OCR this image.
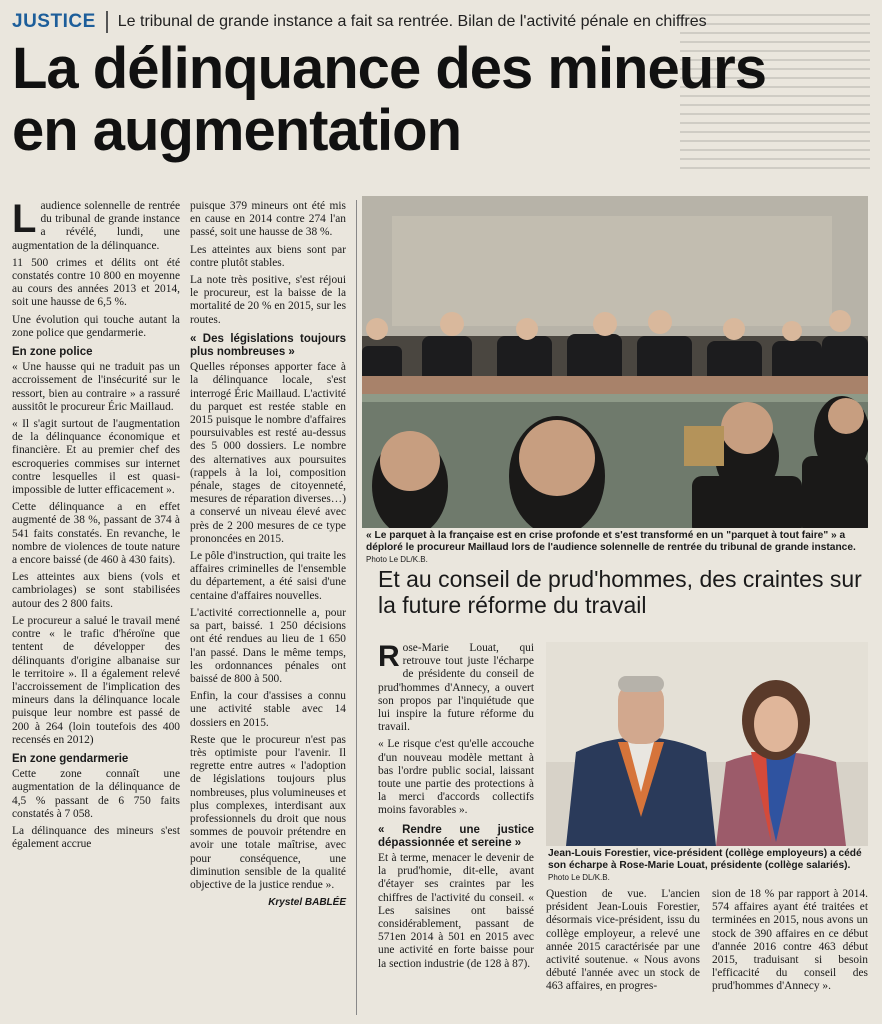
JUSTICE	Le tribunal de grande instance a fait sa rentrée. Bilan de l'activité pénale en chiffres
La délinquance des mineurs en augmentation

Laudience solennelle de rentrée du tribunal de grande instance a révélé, lundi, une augmentation de la délinquance.

11 500 crimes et délits ont été constatés contre 10 800 en moyenne au cours des années 2013 et 2014, soit une hausse de 6,5 %.

Une évolution qui touche autant la zone police que gendarmerie.

En zone police

« Une hausse qui ne traduit pas un accroissement de l'insécurité sur le ressort, bien au contraire » a rassuré aussitôt le procureur Éric Maillaud.

« Il s'agit surtout de l'augmentation de la délinquance économique et financière. Et au premier chef des escroqueries commises sur internet contre lesquelles il est quasi-impossible de lutter efficacement ».

Cette délinquance a en effet augmenté de 38 %, passant de 374 à 541 faits constatés. En revanche, le nombre de violences de toute nature a encore baissé (de 460 à 430 faits).

Les atteintes aux biens (vols et cambriolages) se sont stabilisées autour des 2 800 faits.

Le procureur a salué le travail mené contre « le trafic d'héroïne que tentent de développer des délinquants d'origine albanaise sur le territoire ». Il a également relevé l'accroissement de l'implication des mineurs dans la délinquance locale puisque leur nombre est passé de 200 à 264 (loin toutefois des 400 recensés en 2012)

En zone gendarmerie

Cette zone connaît une augmentation de la délinquance de 4,5 % passant de 6 750 faits constatés à 7 058.

La délinquance des mineurs s'est également accrue

puisque 379 mineurs ont été mis en cause en 2014 contre 274 l'an passé, soit une hausse de 38 %.

Les atteintes aux biens sont par contre plutôt stables.

La note très positive, s'est réjoui le procureur, est la baisse de la mortalité de 20 % en 2015, sur les routes.

« Des législations toujours plus nombreuses »

Quelles réponses apporter face à la délinquance locale, s'est interrogé Éric Maillaud. L'activité du parquet est restée stable en 2015 puisque le nombre d'affaires poursuivables est resté au-dessus des 5 000 dossiers. Le nombre des alternatives aux poursuites (rappels à la loi, composition pénale, stages de citoyenneté, mesures de réparation diverses…) a conservé un niveau élevé avec près de 2 200 mesures de ce type prononcées en 2015.

Le pôle d'instruction, qui traite les affaires criminelles de l'ensemble du département, a été saisi d'une centaine d'affaires nouvelles.

L'activité correctionnelle a, pour sa part, baissé. 1 250 décisions ont été rendues au lieu de 1 650 l'an passé. Dans le même temps, les ordonnances pénales ont baissé de 800 à 500.

Enfin, la cour d'assises a connu une activité stable avec 14 dossiers en 2015.

Reste que le procureur n'est pas très optimiste pour l'avenir. Il regrette entre autres « l'adoption de législations toujours plus nombreuses, plus volumineuses et plus complexes, interdisant aux professionnels du droit que nous sommes de pouvoir prétendre en avoir une totale maîtrise, avec pour conséquence, une diminution sensible de la qualité objective de la justice rendue ».

Krystel BABLÉE
« Le parquet à la française est en crise profonde et s'est transformé en un "parquet à tout faire" » a déploré le procureur Maillaud lors de l'audience solennelle de rentrée du tribunal de grande instance. Photo Le DL/K.B.
Et au conseil de prud'hommes, des craintes sur la future réforme du travail

Rose-Marie Louat, qui retrouve tout juste l'écharpe de présidente du conseil de prud'hommes d'Annecy, a ouvert son propos par l'inquiétude que lui inspire la future réforme du travail.

« Le risque c'est qu'elle accouche d'un nouveau modèle mettant à bas l'ordre public social, laissant toute une partie des protections à la merci d'accords collectifs moins favorables ».

« Rendre une justice dépassionnée et sereine »

Et à terme, menacer le devenir de la prud'homie, dit-elle, avant d'étayer ses craintes par les chiffres de l'activité du conseil. « Les saisines ont baissé considérablement, passant de 571en 2014 à 501 en 2015 avec une activité en forte baisse pour la section industrie (de 128 à 87).

Jean-Louis Forestier, vice-président (collège employeurs) a cédé son écharpe à Rose-Marie Louat, présidente (collège salariés). Photo Le DL/K.B.

Question de vue. L'ancien président Jean-Louis Forestier, désormais vice-président, issu du collège employeur, a relevé une année 2015 caractérisée par une activité soutenue. « Nous avons débuté l'année avec un stock de 463 affaires, en progres-

sion de 18 % par rapport à 2014. 574 affaires ayant été traitées et terminées en 2015, nous avons un stock de 390 affaires en ce début d'année 2016 contre 463 début 2015, traduisant si besoin l'efficacité du conseil des prud'hommes d'Annecy ».
